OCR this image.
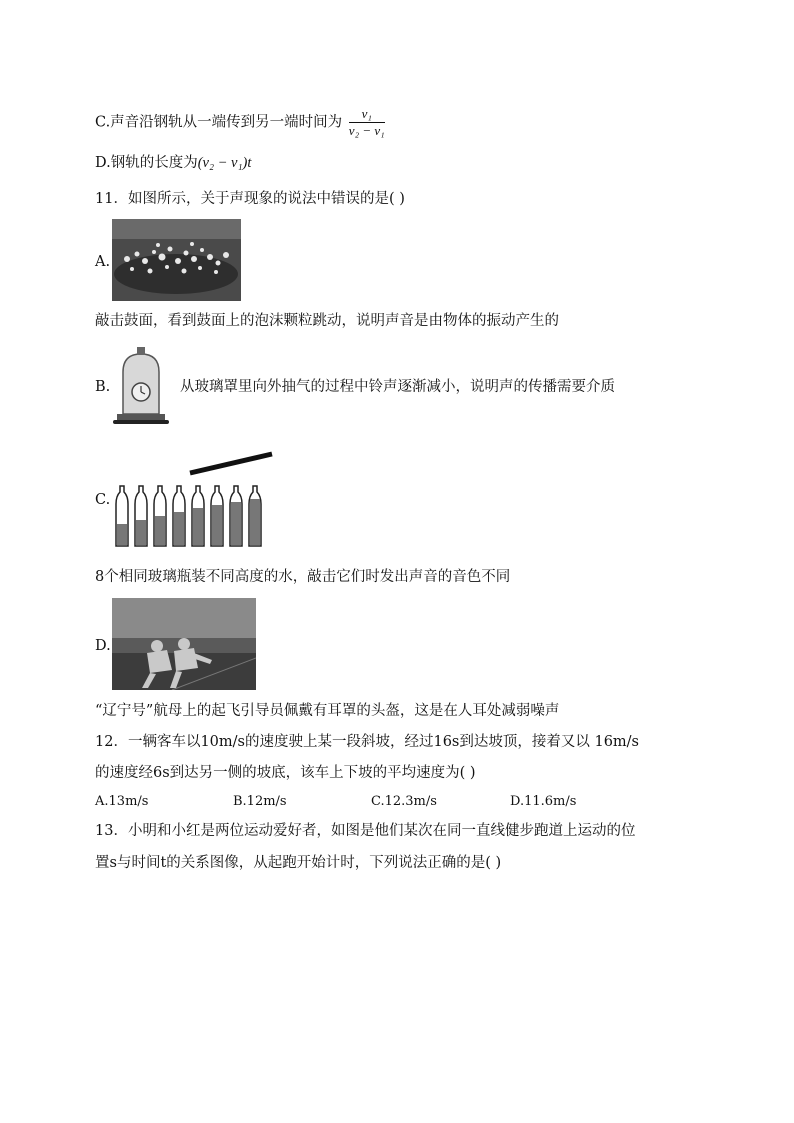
C.声音沿钢轨从一端传到另一端时间为 $\frac{\text{v₁}}{\text{v₂ − v₁}}$
D.钢轨的长度为(v₂ − v₁)t
11．如图所示，关于声现象的说法中错误的是( )
A.
敲击鼓面，看到鼓面上的泡沫颗粒跳动，说明声音是由物体的振动产生的
B.	从玻璃罩里向外抽气的过程中铃声逐渐减小，说明声的传播需要介质
C.
8个相同玻璃瓶装不同高度的水，敲击它们时发出声音的音色不同
D.
“辽宁号”航母上的起飞引导员佩戴有耳罩的头盔，这是在人耳处减弱噪声
12．一辆客车以10m/s的速度驶上某一段斜坡，经过16s到达坡顶，接着又以 16m/s
的速度经6s到达另一侧的坡底，该车上下坡的平均速度为( )
A.13m/s	B.12m/s	C.12.3m/s	D.11.6m/s
13．小明和小红是两位运动爱好者，如图是他们某次在同一直线健步跑道上运动的位
置s与时间t的关系图像，从起跑开始计时，下列说法正确的是( )
